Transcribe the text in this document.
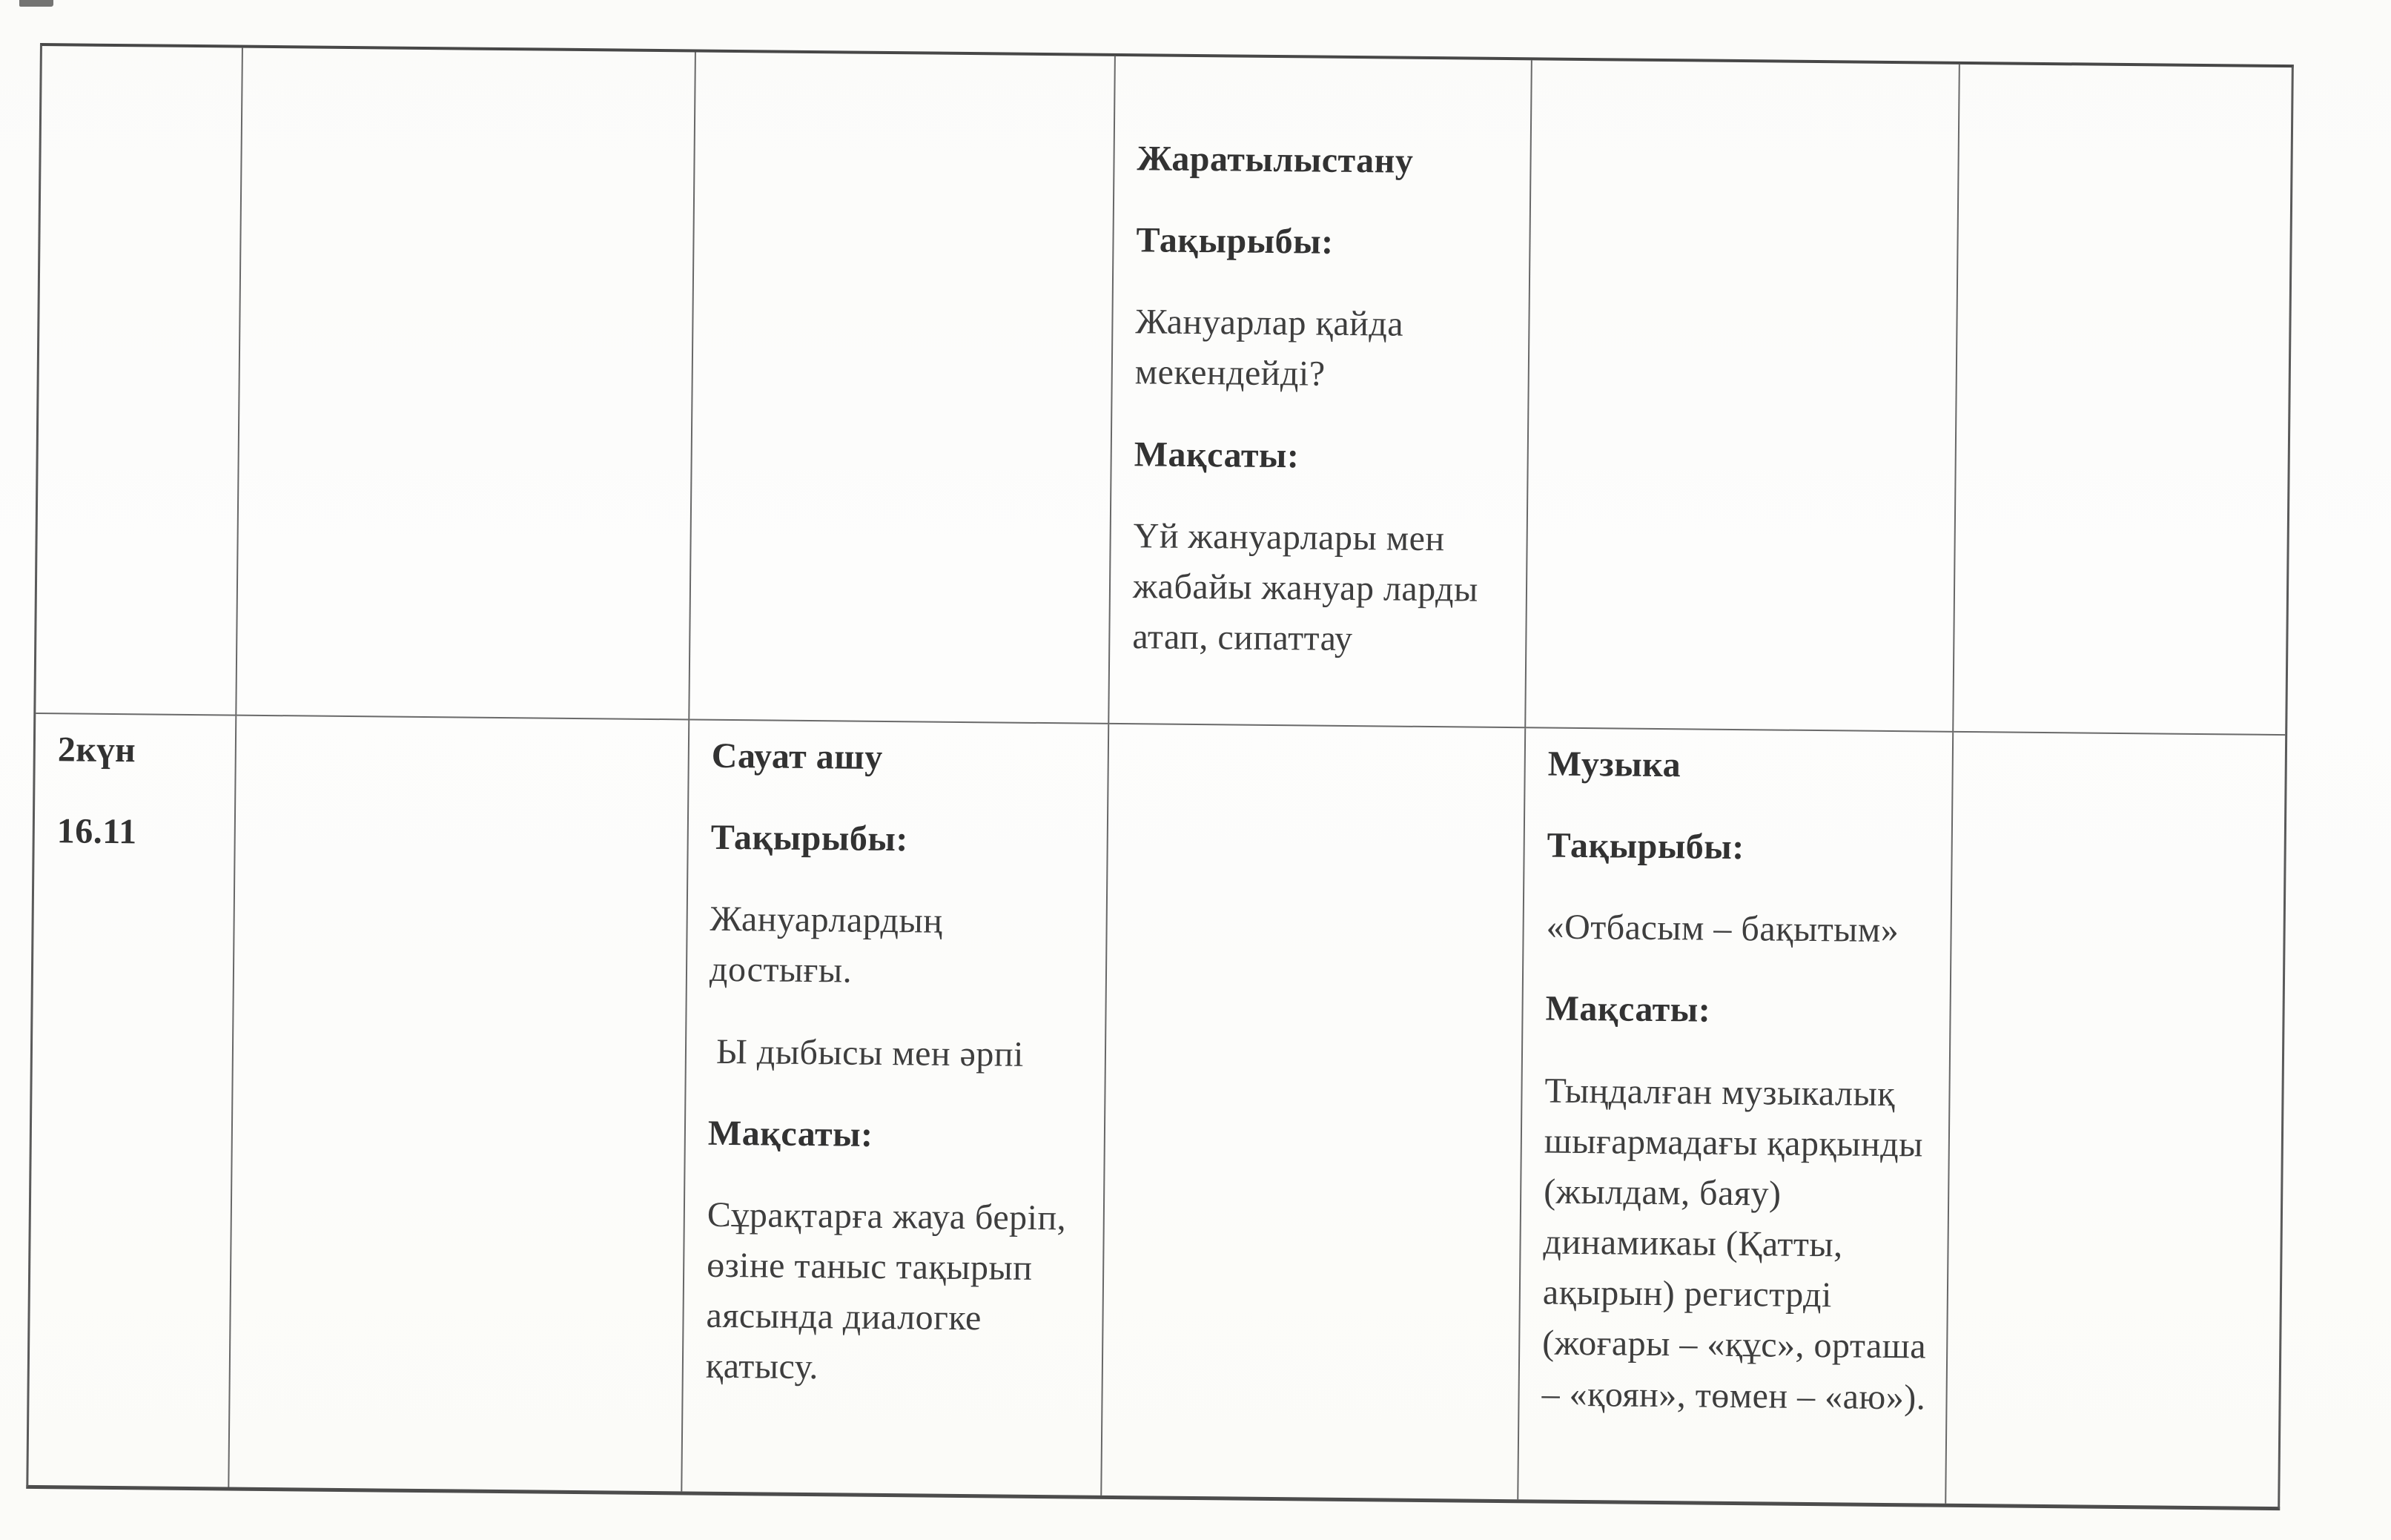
Жаратылыстану

Тақырыбы:

Жануарлар қайда мекендейді?

Мақсаты:

Үй жануарлары мен жабайы жануар ларды атап, сипаттау

2күн

16.11

Сауат ашу

Тақырыбы:

Жануарлардың достығы.

Ы дыбысы мен әрпі

Мақсаты:

Сұрақтарға жауа беріп, өзіне таныс тақырып аясында диалогке қатысу.

Музыка

Тақырыбы:

«Отбасым – бақытым»

Мақсаты:

Тыңдалған музыкалық шығармадағы қарқынды (жылдам, баяу) динамикаы (Қатты, ақырын) регистрді (жоғары – «құс», орташа – «қоян», төмен – «аю»).
